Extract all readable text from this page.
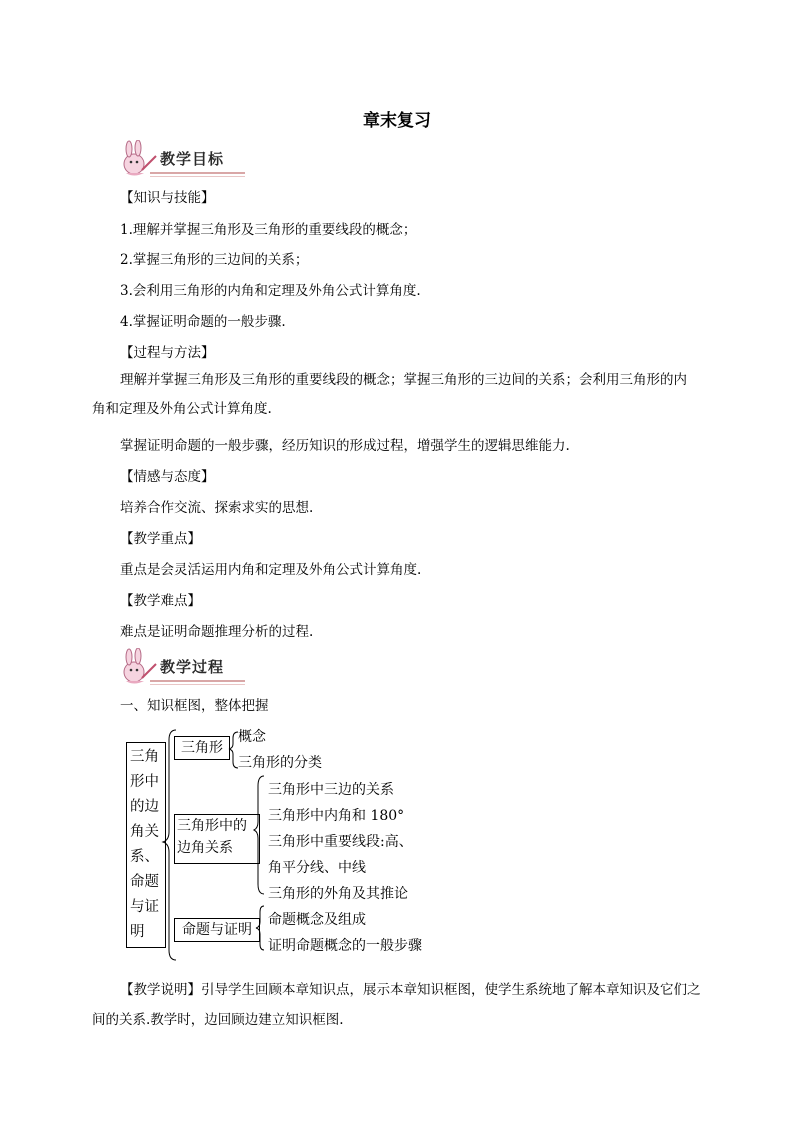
章末复习
教学目标
【知识与技能】
1.理解并掌握三角形及三角形的重要线段的概念；
2.掌握三角形的三边间的关系；
3.会利用三角形的内角和定理及外角公式计算角度.
4.掌握证明命题的一般步骤.
【过程与方法】
理解并掌握三角形及三角形的重要线段的概念；掌握三角形的三边间的关系；会利用三角形的内角和定理及外角公式计算角度.
掌握证明命题的一般步骤，经历知识的形成过程，增强学生的逻辑思维能力.
【情感与态度】
培养合作交流、探索求实的思想.
【教学重点】
重点是会灵活运用内角和定理及外角公式计算角度.
【教学难点】
难点是证明命题推理分析的过程.
教学过程
一、知识框图，整体把握
三角
形中
的边
角关
系、
命题
与证
明
三角形
概念
三角形的分类
三角形中的
边角关系
三角形中三边的关系
三角形中内角和 180°
三角形中重要线段:高、
角平分线、中线
三角形的外角及其推论
命题与证明
命题概念及组成
证明命题概念的一般步骤
【教学说明】引导学生回顾本章知识点，展示本章知识框图，使学生系统地了解本章知识及它们之间的关系.教学时，边回顾边建立知识框图.
